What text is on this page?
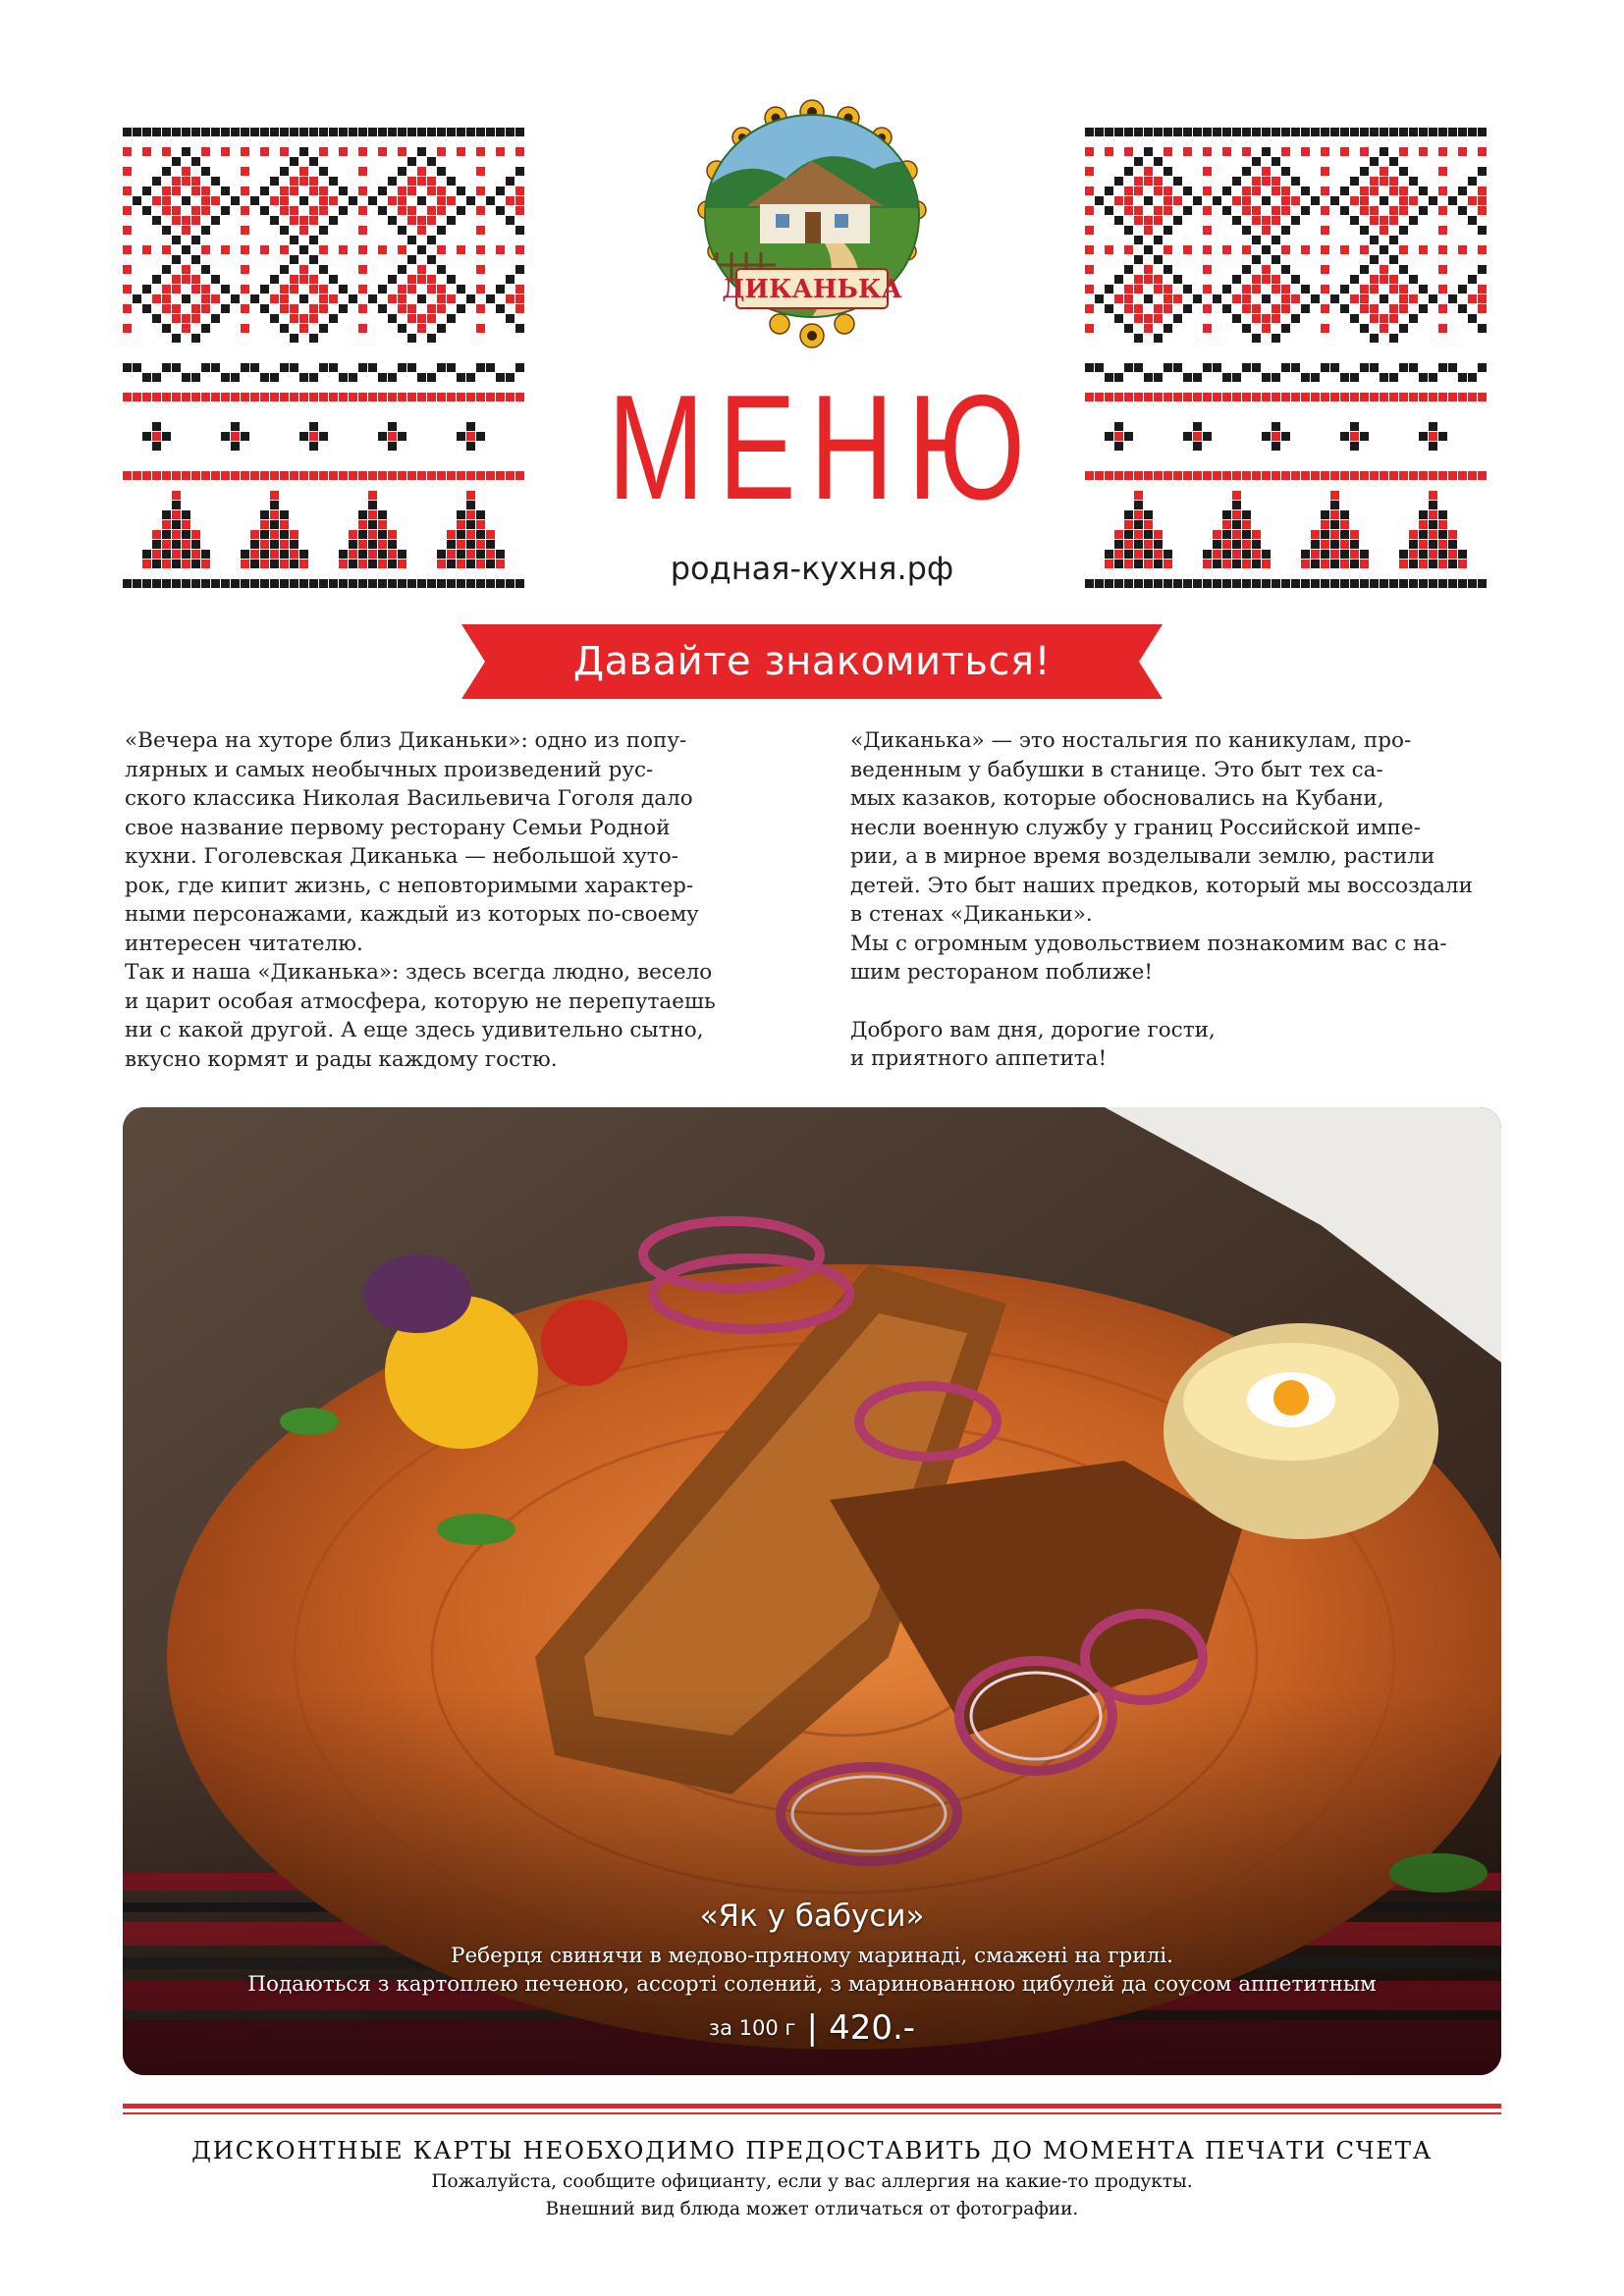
ДИКАНЬКА
МЕНЮ
родная-кухня.рф
Давайте знакомиться!

«Вечера на хуторе близ Диканьки»: одно из попу-
лярных и самых необычных произведений рус-
ского классика Николая Васильевича Гоголя дало
свое название первому ресторану Семьи Родной
кухни. Гоголевская Диканька — небольшой хуто-
рок, где кипит жизнь, с неповторимыми характер-
ными персонажами, каждый из которых по-своему
интересен читателю.

Так и наша «Диканька»: здесь всегда людно, весело
и царит особая атмосфера, которую не перепутаешь
ни с какой другой. А еще здесь удивительно сытно,
вкусно кормят и рады каждому гостю.

«Диканька» — это ностальгия по каникулам, про-
веденным у бабушки в станице. Это быт тех са-
мых казаков, которые обосновались на Кубани,
несли военную службу у границ Российской импе-
рии, а в мирное время возделывали землю, растили
детей. Это быт наших предков, который мы воссоздали
в стенах «Диканьки».

Мы с огромным удовольствием познакомим вас с на-
шим рестораном поближе!

Доброго вам дня, дорогие гости,
и приятного аппетита!

«Як у бабуси»
Реберця свинячи в медово-пряному маринаді, смажені на грилі.
Подаються з картоплею печеною, ассорті солений, з маринованною цибулей да соусом аппетитным
за 100 г | 420.-
ДИСКОНТНЫЕ КАРТЫ НЕОБХОДИМО ПРЕДОСТАВИТЬ ДО МОМЕНТА ПЕЧАТИ СЧЕТА
Пожалуйста, сообщите официанту, если у вас аллергия на какие-то продукты.
Внешний вид блюда может отличаться от фотографии.
